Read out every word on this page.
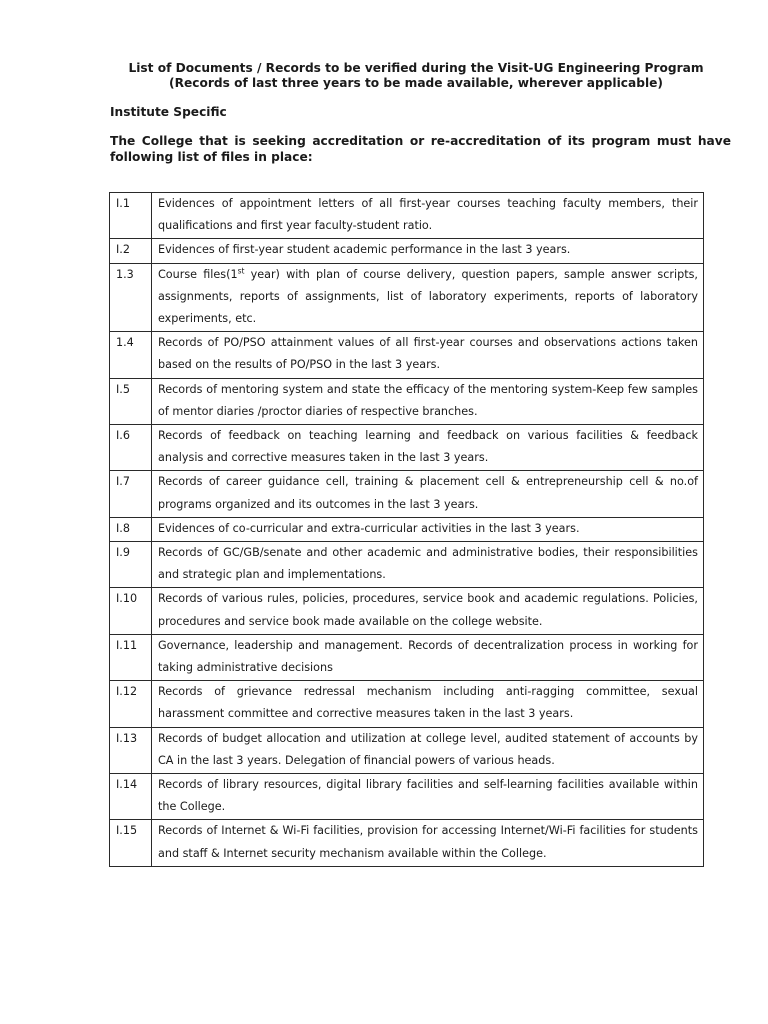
List of Documents / Records to be verified during the Visit-UG Engineering Program
(Records of last three years to be made available, wherever applicable)
Institute Specific
The College that is seeking accreditation or re-accreditation of its program must have following list of files in place:
I.1	Evidences of appointment letters of all first-year courses teaching faculty members, their qualifications and first year faculty-student ratio.
I.2	Evidences of first-year student academic performance in the last 3 years.
1.3	Course files(1st year) with plan of course delivery, question papers, sample answer scripts, assignments, reports of assignments, list of laboratory experiments, reports of laboratory experiments, etc.
1.4	Records of PO/PSO attainment values of all first-year courses and observations actions taken based on the results of PO/PSO in the last 3 years.
I.5	Records of mentoring system and state the efficacy of the mentoring system-Keep few samples of mentor diaries /proctor diaries of respective branches.
I.6	Records of feedback on teaching learning and feedback on various facilities & feedback analysis and corrective measures taken in the last 3 years.
I.7	Records of career guidance cell, training & placement cell & entrepreneurship cell & no.of programs organized and its outcomes in the last 3 years.
I.8	Evidences of co-curricular and extra-curricular activities in the last 3 years.
I.9	Records of GC/GB/senate and other academic and administrative bodies, their responsibilities and strategic plan and implementations.
I.10	Records of various rules, policies, procedures, service book and academic regulations. Policies, procedures and service book made available on the college website.
I.11	Governance, leadership and management. Records of decentralization process in working for taking administrative decisions
I.12	Records of grievance redressal mechanism including anti-ragging committee, sexual harassment committee and corrective measures taken in the last 3 years.
I.13	Records of budget allocation and utilization at college level, audited statement of accounts by CA in the last 3 years. Delegation of financial powers of various heads.
I.14	Records of library resources, digital library facilities and self-learning facilities available within the College.
I.15	Records of Internet & Wi-Fi facilities, provision for accessing Internet/Wi-Fi facilities for students and staff & Internet security mechanism available within the College.
